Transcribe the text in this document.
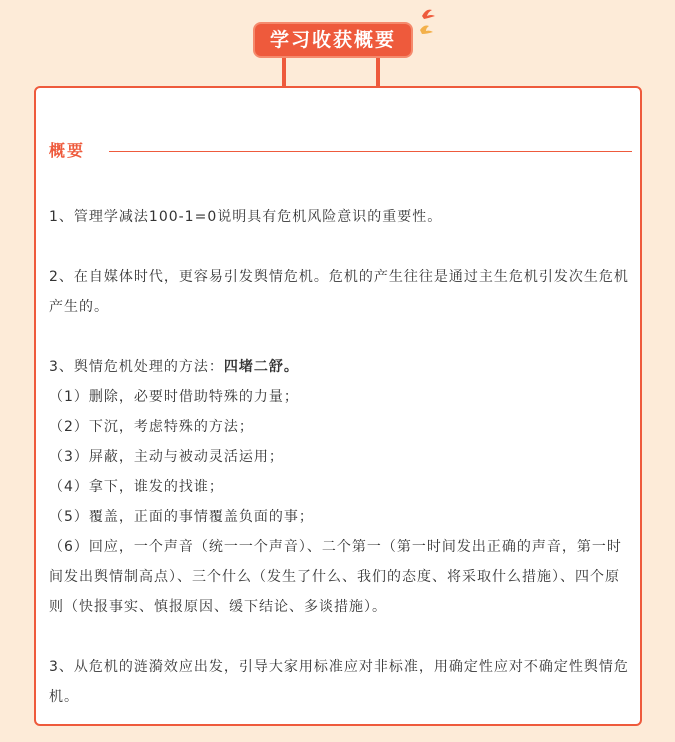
学习收获概要
概要

1、管理学减法100-1=0说明具有危机风险意识的重要性。

2、在自媒体时代，更容易引发舆情危机。危机的产生往往是通过主生危机引发次生危机产生的。

3、舆情危机处理的方法：四堵二舒。

（1）删除，必要时借助特殊的力量；

（2）下沉，考虑特殊的方法；

（3）屏蔽，主动与被动灵活运用；

（4）拿下，谁发的找谁；

（5）覆盖，正面的事情覆盖负面的事；

（6）回应，一个声音（统一一个声音）、二个第一（第一时间发出正确的声音，第一时间发出舆情制高点）、三个什么（发生了什么、我们的态度、将采取什么措施）、四个原则（快报事实、慎报原因、缓下结论、多谈措施）。

3、从危机的涟漪效应出发，引导大家用标准应对非标准，用确定性应对不确定性舆情危机。
